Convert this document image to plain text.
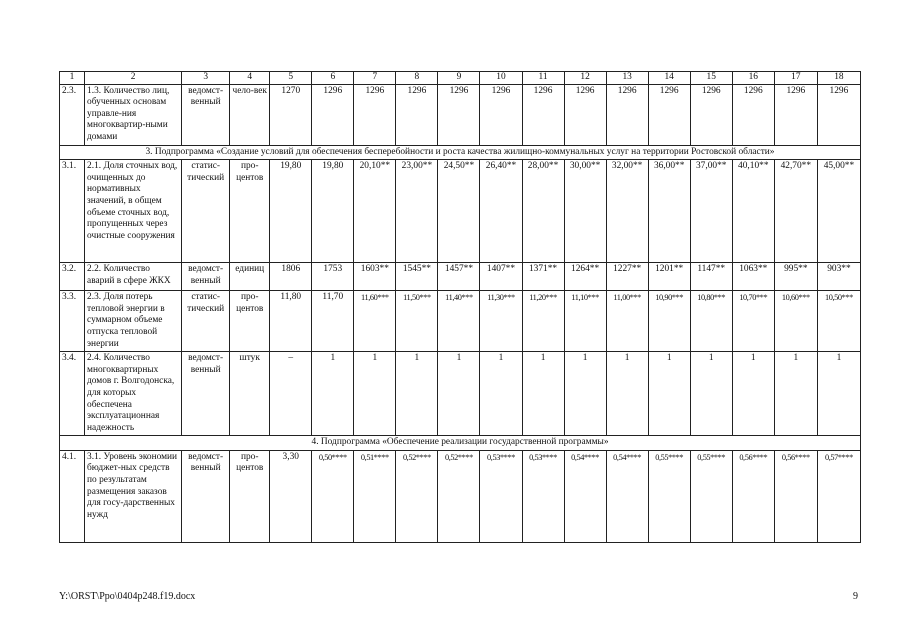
1	2	3	4	5	6	7	8	9	10	11	12	13	14	15	16	17	18
2.3.	1.3. Количество лиц, обученных основам управле-ния многоквартир-ными домами	ведомст-венный	чело-век	1270	1296	1296	1296	1296	1296	1296	1296	1296	1296	1296	1296	1296	1296
3. Подпрограмма «Создание условий для обеспечения бесперебойности и роста качества жилищно-коммунальных услуг на территории Ростовской области»																	
3.1.	2.1. Доля сточных вод, очищенных до нормативных значений, в общем объеме сточных вод, пропущенных через очистные сооружения	статис-тический	про-центов	19,80	19,80	20,10**	23,00**	24,50**	26,40**	28,00**	30,00**	32,00**	36,00**	37,00**	40,10**	42,70**	45,00**
3.2.	2.2. Количество аварий в сфере ЖКХ	ведомст-венный	единиц	1806	1753	1603**	1545**	1457**	1407**	1371**	1264**	1227**	1201**	1147**	1063**	995**	903**
3.3.	2.3. Доля потерь тепловой энергии в суммарном объеме отпуска тепловой энергии	статис-тический	про-центов	11,80	11,70	11,60***	11,50***	11,40***	11,30***	11,20***	11,10***	11,00***	10,90***	10,80***	10,70***	10,60***	10,50***
3.4.	2.4. Количество многоквартирных домов г. Волгодонска, для которых обеспечена эксплуатационная надежность	ведомст-венный	штук	–	1	1	1	1	1	1	1	1	1	1	1	1	1
4. Подпрограмма «Обеспечение реализации государственной программы»																	
4.1.	3.1. Уровень экономии бюджет-ных средств по результатам размещения заказов для госу-дарственных нужд	ведомст-венный	про-центов	3,30	0,50****	0,51****	0,52****	0,52****	0,53****	0,53****	0,54****	0,54****	0,55****	0,55****	0,56****	0,56****	0,57****
Y:\ORST\Ppo\0404p248.f19.docx	9
